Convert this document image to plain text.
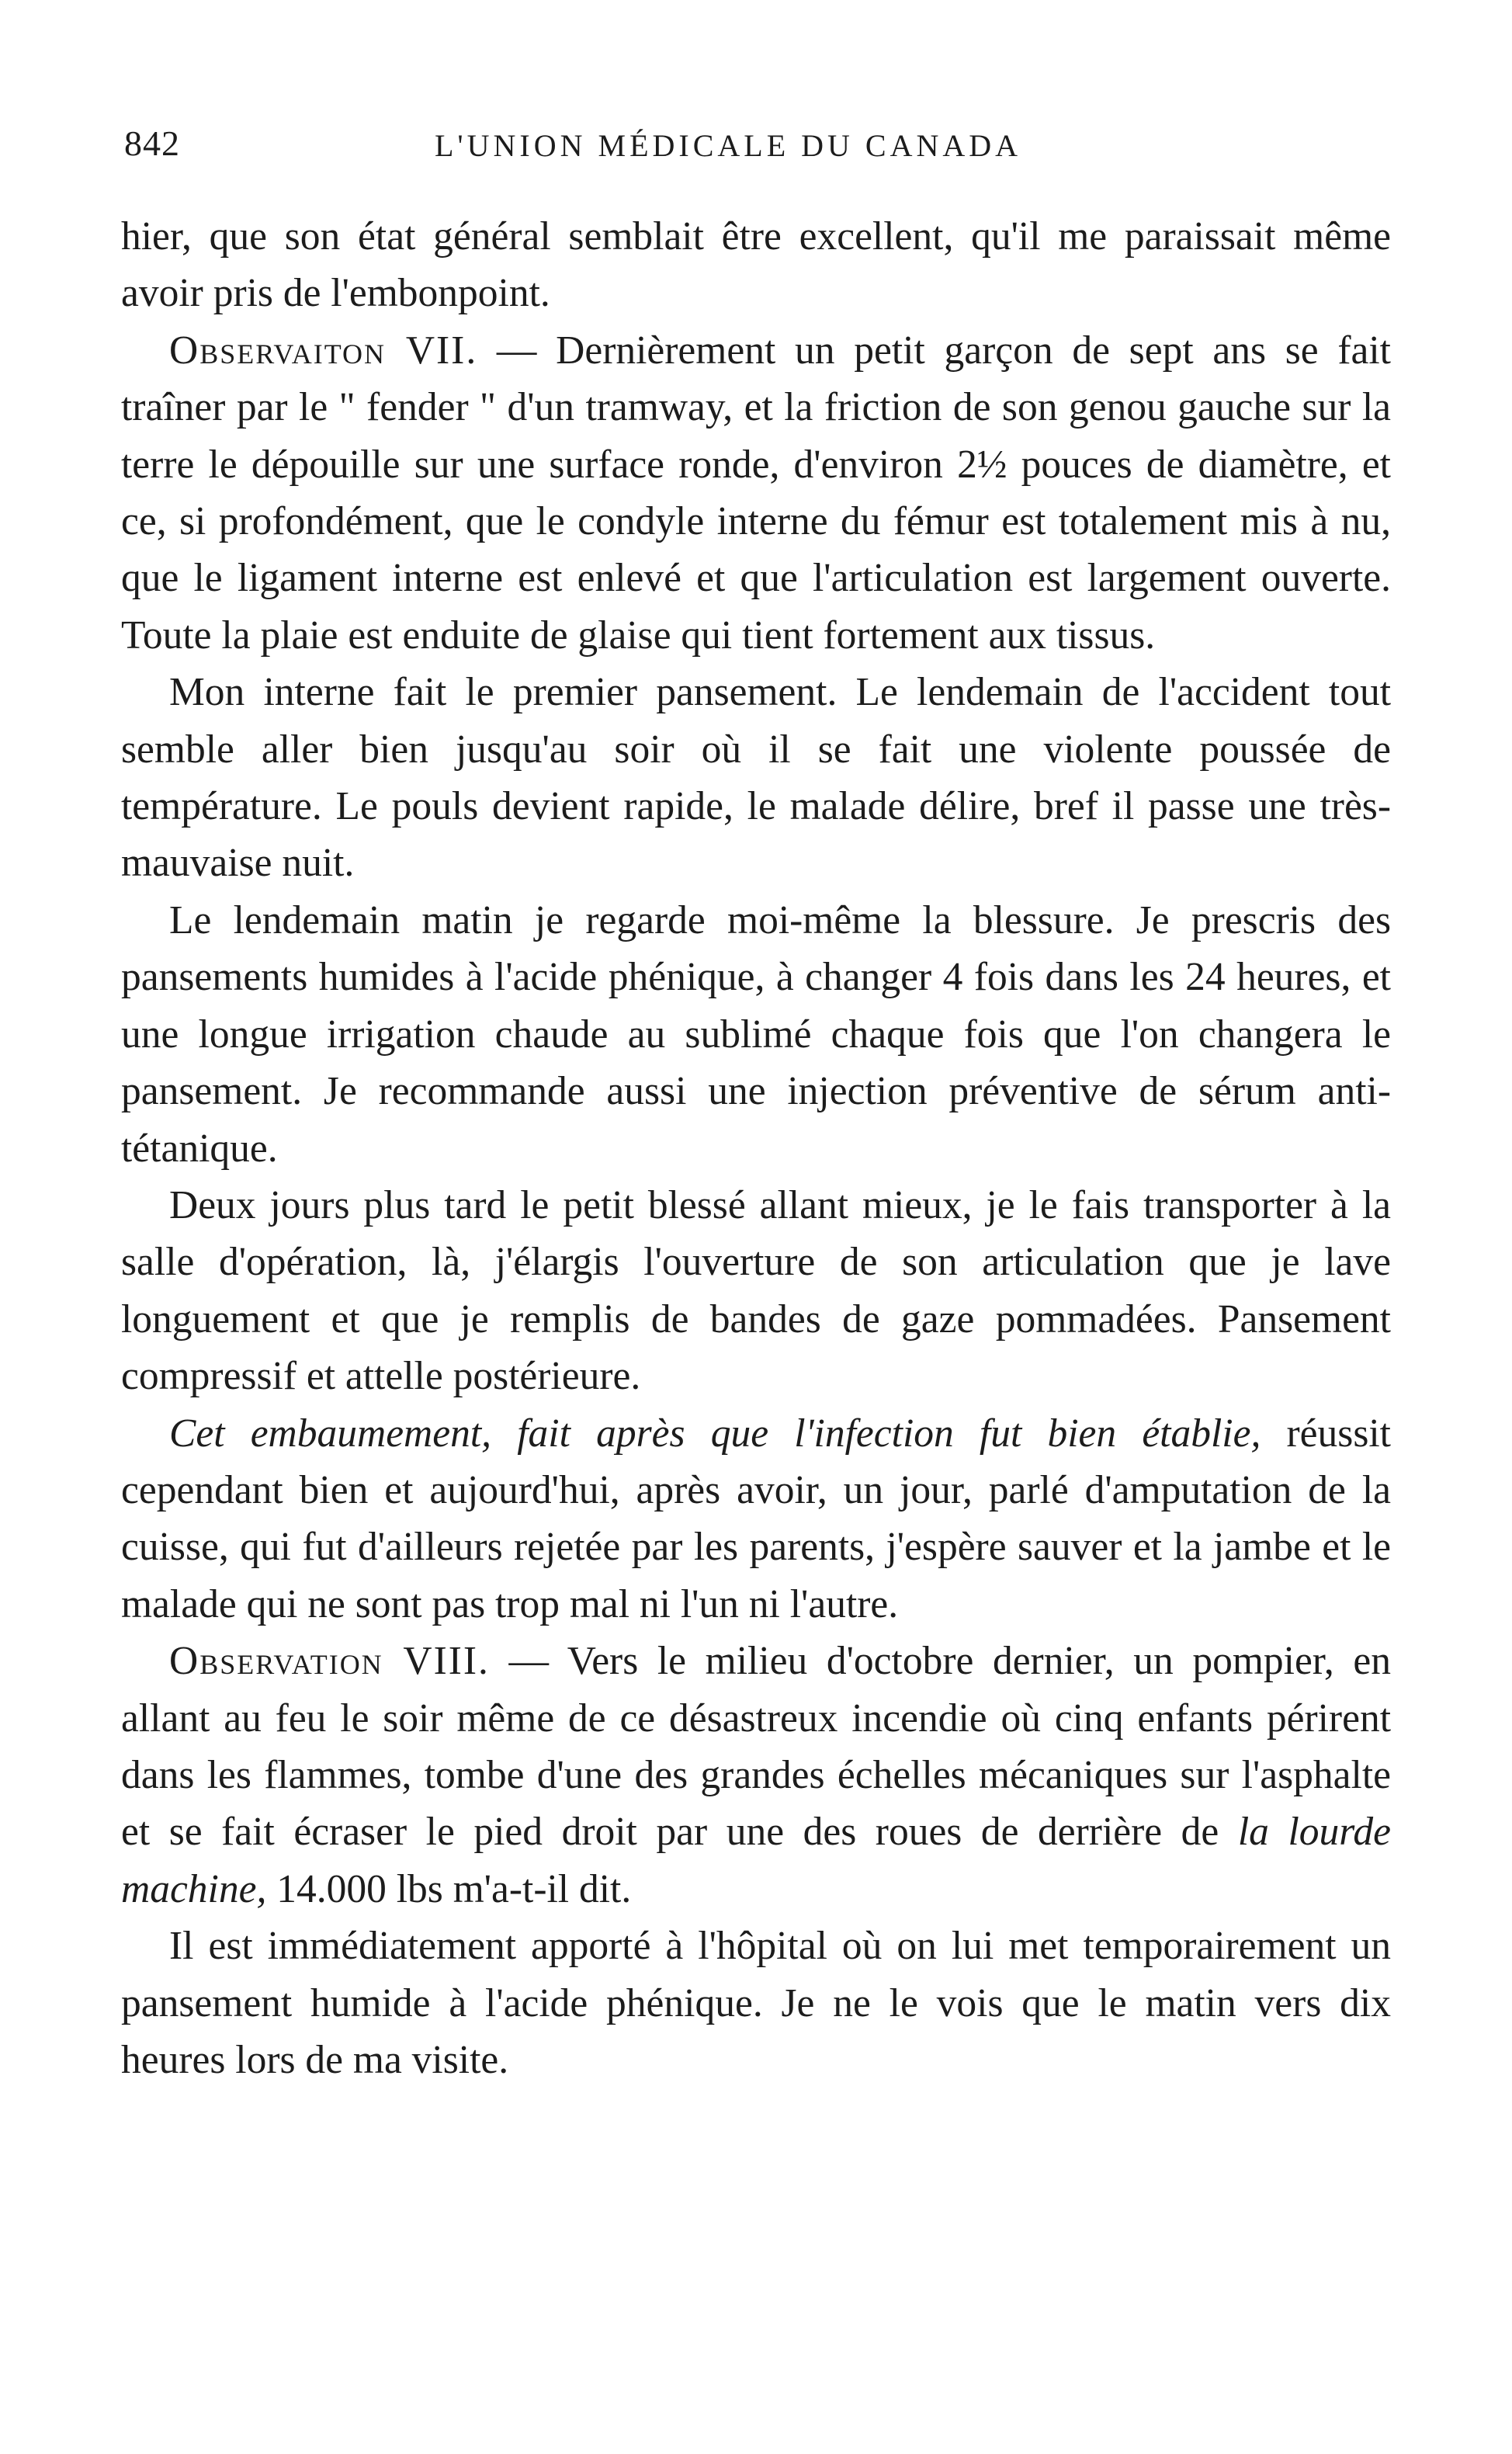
842	L'UNION MÉDICALE DU CANADA

hier, que son état général semblait être excellent, qu'il me paraissait même avoir pris de l'embonpoint.

Observaiton VII. — Dernièrement un petit garçon de sept ans se fait traîner par le " fender " d'un tramway, et la friction de son genou gauche sur la terre le dépouille sur une surface ronde, d'environ 2½ pouces de diamètre, et ce, si profondément, que le condyle interne du fémur est totalement mis à nu, que le ligament interne est enlevé et que l'articulation est largement ouverte. Toute la plaie est enduite de glaise qui tient fortement aux tissus.

Mon interne fait le premier pansement. Le lendemain de l'accident tout semble aller bien jusqu'au soir où il se fait une violente poussée de température. Le pouls devient rapide, le malade délire, bref il passe une très-mauvaise nuit.

Le lendemain matin je regarde moi-même la blessure. Je prescris des pansements humides à l'acide phénique, à changer 4 fois dans les 24 heures, et une longue irrigation chaude au sublimé chaque fois que l'on changera le pansement. Je recommande aussi une injection préventive de sérum anti-tétanique.

Deux jours plus tard le petit blessé allant mieux, je le fais transporter à la salle d'opération, là, j'élargis l'ouverture de son articulation que je lave longuement et que je remplis de bandes de gaze pommadées. Pansement compressif et attelle postérieure.

Cet embaumement, fait après que l'infection fut bien établie, réussit cependant bien et aujourd'hui, après avoir, un jour, parlé d'amputation de la cuisse, qui fut d'ailleurs rejetée par les parents, j'espère sauver et la jambe et le malade qui ne sont pas trop mal ni l'un ni l'autre.

Observation VIII. — Vers le milieu d'octobre dernier, un pompier, en allant au feu le soir même de ce désastreux incendie où cinq enfants périrent dans les flammes, tombe d'une des grandes échelles mécaniques sur l'asphalte et se fait écraser le pied droit par une des roues de derrière de la lourde machine, 14.000 lbs m'a-t-il dit.

Il est immédiatement apporté à l'hôpital où on lui met temporairement un pansement humide à l'acide phénique. Je ne le vois que le matin vers dix heures lors de ma visite.
